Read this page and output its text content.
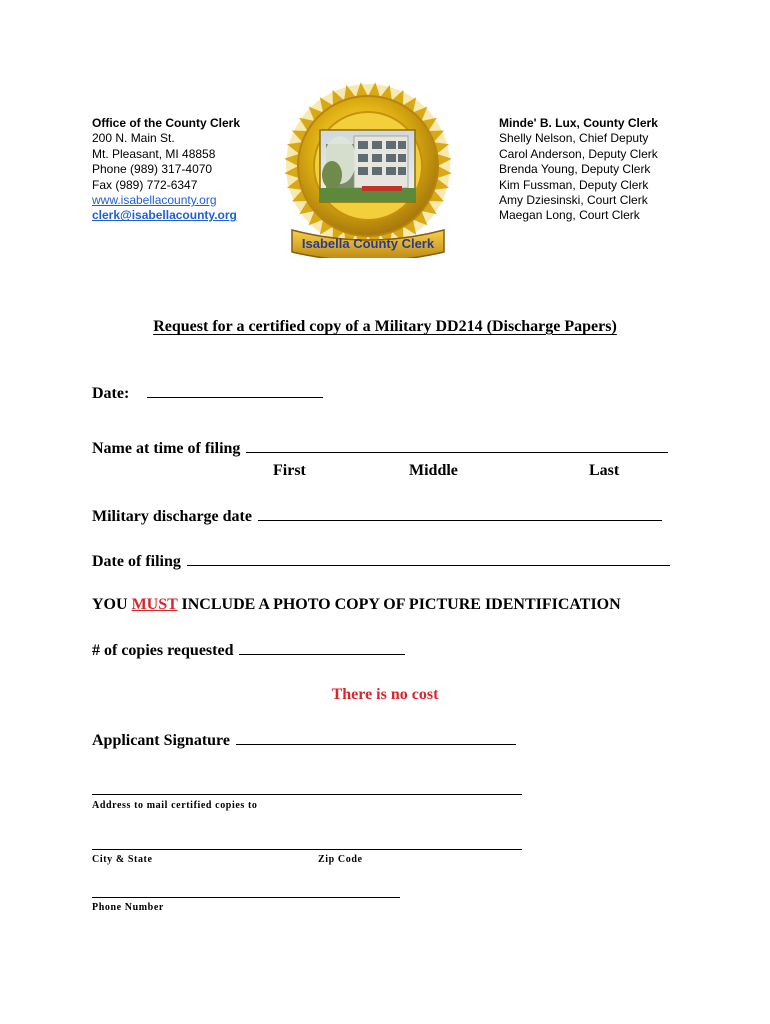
Office of the County Clerk
200 N. Main St.
Mt. Pleasant, MI 48858
Phone (989) 317-4070
Fax (989) 772-6347
www.isabellacounty.org
clerk@isabellacounty.org
Isabella County Clerk
Minde' B. Lux, County Clerk
Shelly Nelson, Chief Deputy
Carol Anderson, Deputy Clerk
Brenda Young, Deputy Clerk
Kim Fussman, Deputy Clerk
Amy Dziesinski, Court Clerk
Maegan Long, Court Clerk
Request for a certified copy of a Military DD214 (Discharge Papers)
Date:
Name at time of filing
First	Middle	Last
Military discharge date
Date of filing
YOU MUST INCLUDE A PHOTO COPY OF PICTURE IDENTIFICATION
# of copies requested
There is no cost
Applicant Signature
Address to mail certified copies to
City & State	Zip Code
Phone Number
